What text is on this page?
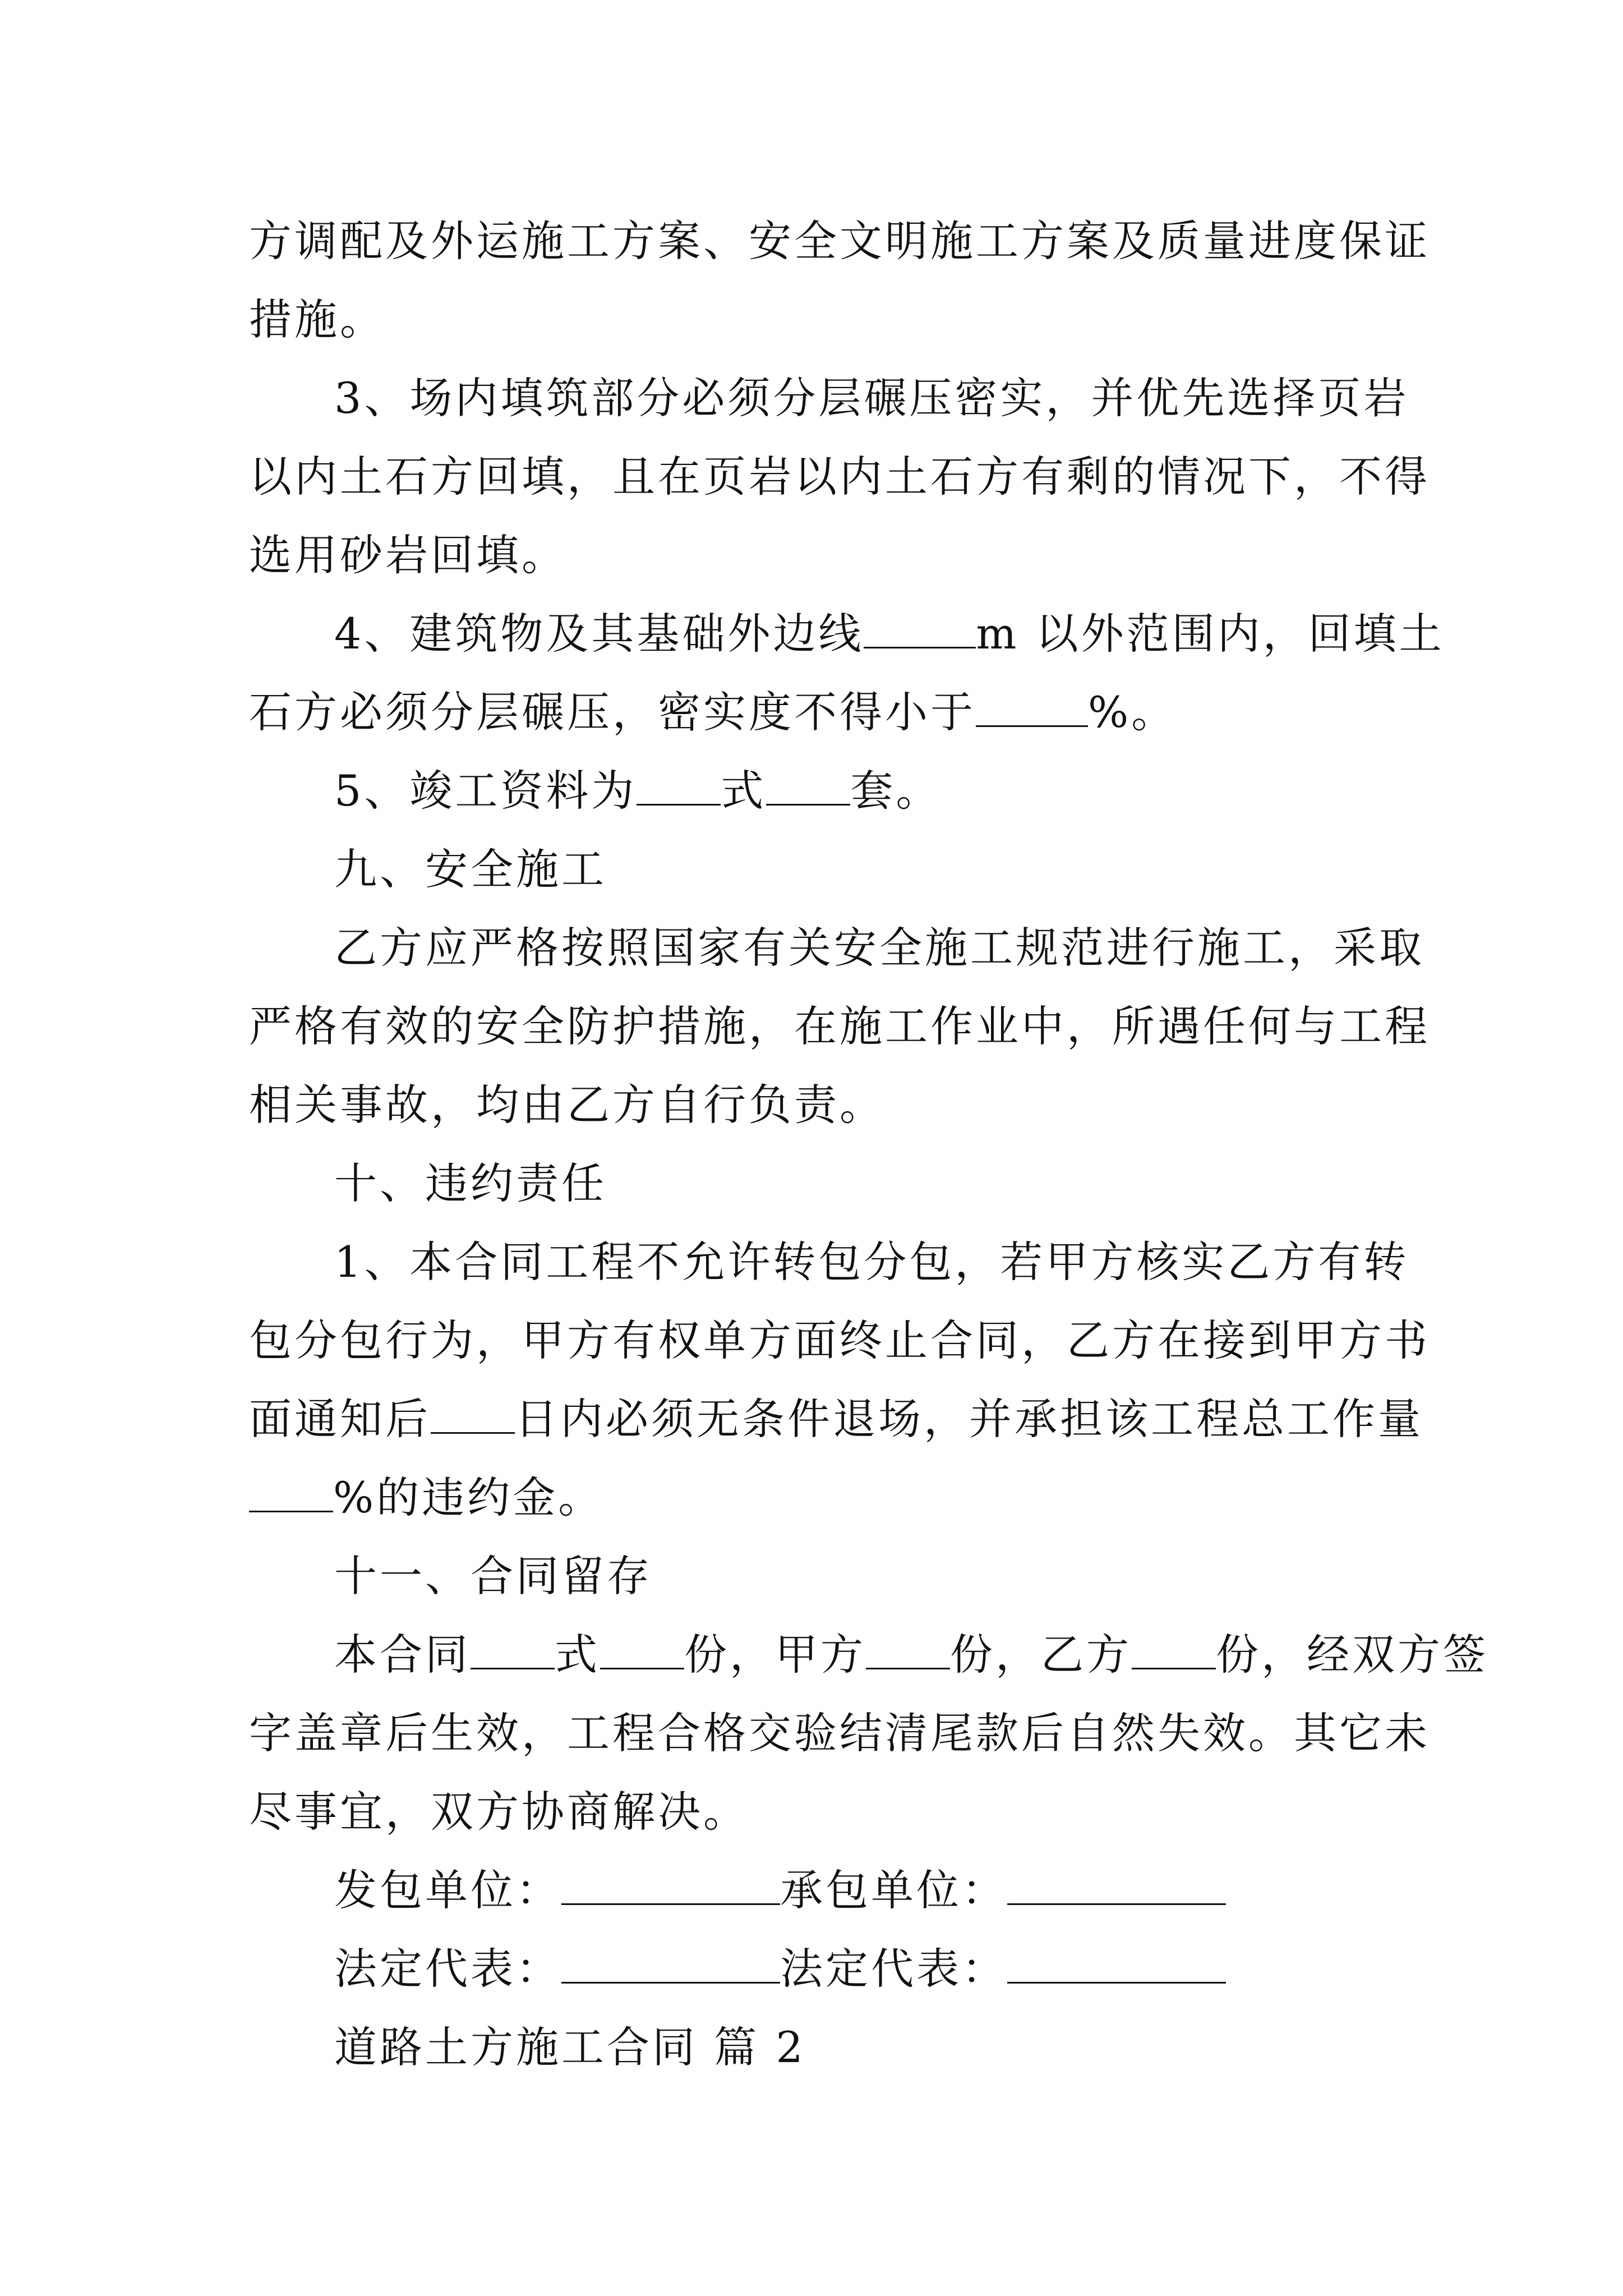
方调配及外运施工方案、安全文明施工方案及质量进度保证
措施。
3、场内填筑部分必须分层碾压密实，并优先选择页岩
以内土石方回填，且在页岩以内土石方有剩的情况下，不得
选用砂岩回填。
4、建筑物及其基础外边线	m 以外范围内，回填土
石方必须分层碾压，密实度不得小于	%。
5、竣工资料为 式 套。
九、安全施工
乙方应严格按照国家有关安全施工规范进行施工，采取
严格有效的安全防护措施，在施工作业中，所遇任何与工程
相关事故，均由乙方自行负责。
十、违约责任
1、本合同工程不允许转包分包，若甲方核实乙方有转
包分包行为，甲方有权单方面终止合同，乙方在接到甲方书
面通知后 日内必须无条件退场，并承担该工程总工作量
%的违约金。
十一、合同留存
本合同 式 份，甲方 份，乙方 份，经双方签
字盖章后生效，工程合格交验结清尾款后自然失效。其它未
尽事宜，双方协商解决。
发包单位：	承包单位：
法定代表：	法定代表：
道路土方施工合同 篇 2
